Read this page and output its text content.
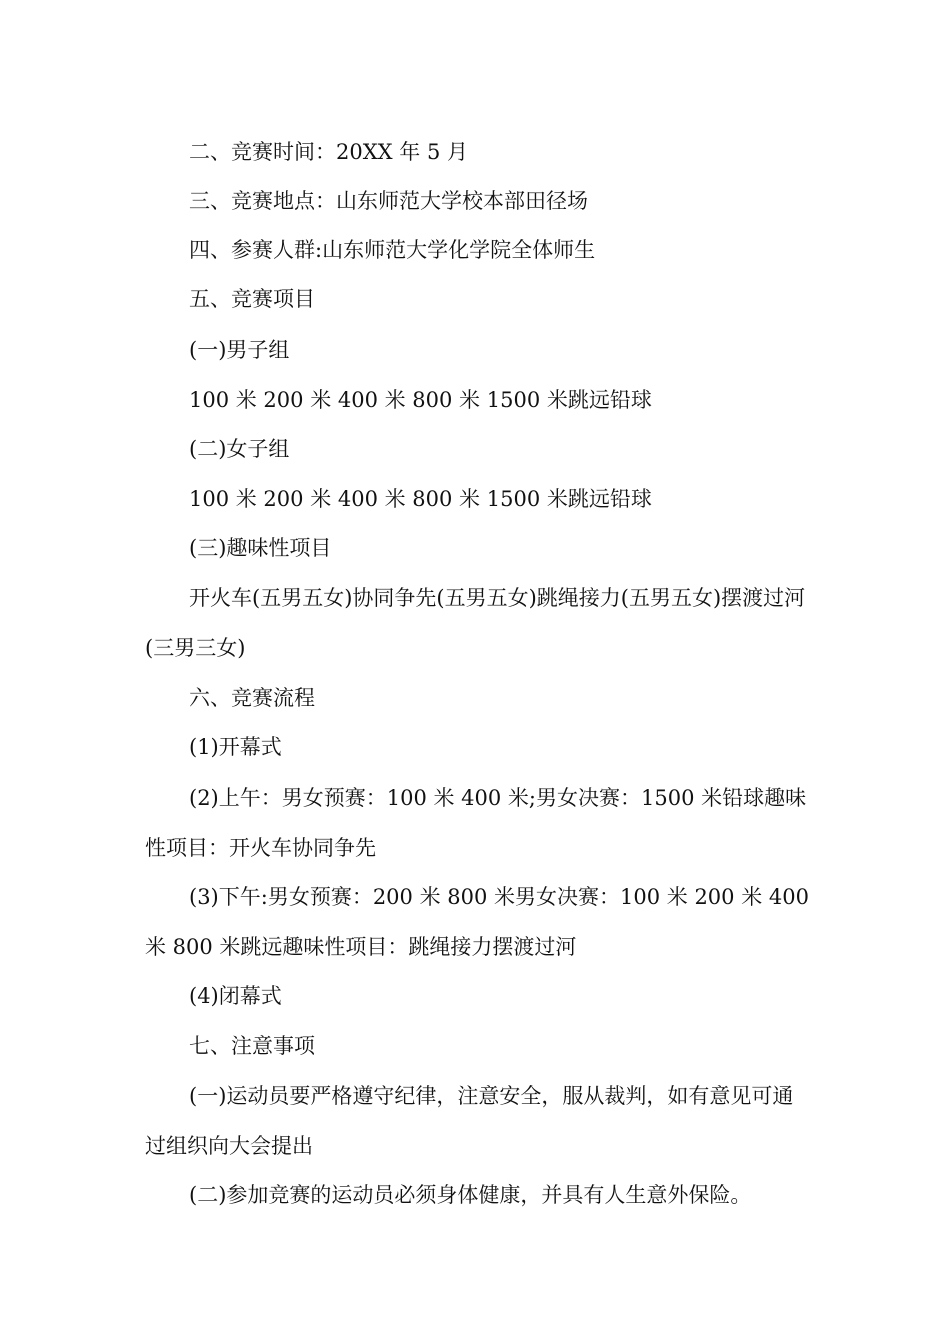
二、竞赛时间：20XX 年 5 月

三、竞赛地点：山东师范大学校本部田径场

四、参赛人群:山东师范大学化学院全体师生

五、竞赛项目

(一)男子组

100 米 200 米 400 米 800 米 1500 米跳远铅球

(二)女子组

100 米 200 米 400 米 800 米 1500 米跳远铅球

(三)趣味性项目

开火车(五男五女)协同争先(五男五女)跳绳接力(五男五女)摆渡过河(三男三女)

六、竞赛流程

(1)开幕式

(2)上午：男女预赛：100 米 400 米;男女决赛：1500 米铅球趣味性项目：开火车协同争先

(3)下午:男女预赛：200 米 800 米男女决赛：100 米 200 米 400 米 800 米跳远趣味性项目：跳绳接力摆渡过河

(4)闭幕式

七、注意事项

(一)运动员要严格遵守纪律，注意安全，服从裁判，如有意见可通过组织向大会提出

(二)参加竞赛的运动员必须身体健康，并具有人生意外保险。
